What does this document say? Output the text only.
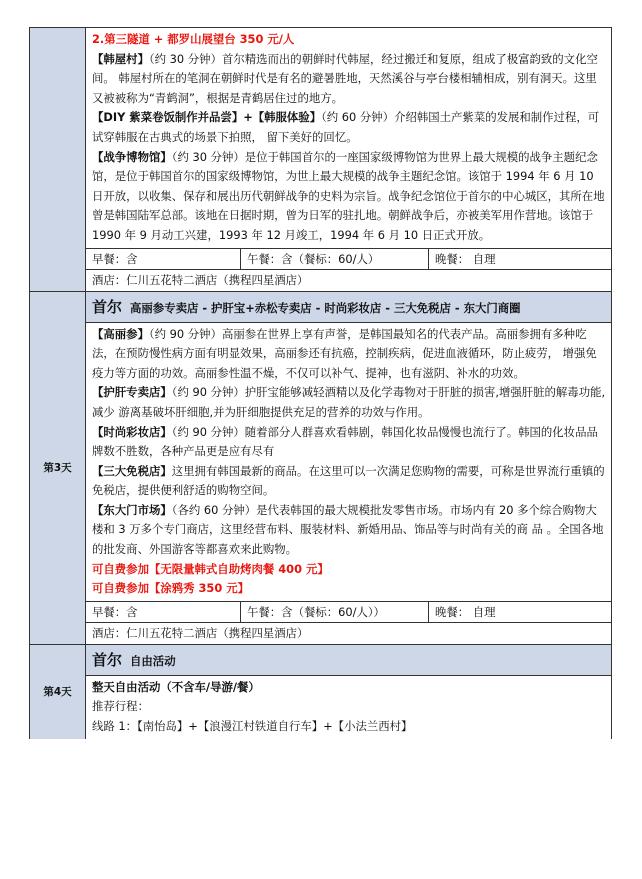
2.第三隧道 + 都罗山展望台 350 元/人

【韩屋村】（约 30 分钟）首尔精选而出的朝鲜时代韩屋，经过搬迁和复原，组成了极富韵致的文化空间。 韩屋村所在的笔洞在朝鲜时代是有名的避暑胜地，天然溪谷与亭台楼相辅相成，别有洞天。这里又被被称为“青鹤洞”，根据是青鹤居住过的地方。

【DIY 紫菜卷饭制作并品尝】+【韩服体验】（约 60 分钟）介绍韩国土产紫菜的发展和制作过程，可试穿韩服在古典式的场景下拍照， 留下美好的回忆。

【战争博物馆】（约 30 分钟）是位于韩国首尔的一座国家级博物馆为世界上最大规模的战争主题纪念馆，是位于韩国首尔的国家级博物馆，为世上最大规模的战争主题纪念馆。该馆于 1994 年 6 月 10 日开放，以收集、保存和展出历代朝鲜战争的史料为宗旨。战争纪念馆位于首尔的中心城区，其所在地曾是韩国陆军总部。该地在日据时期，曾为日军的驻扎地。朝鲜战争后，亦被美军用作营地。该馆于 1990 年 9 月动工兴建，1993 年 12 月竣工，1994 年 6 月 10 日正式开放。

早餐：含	午餐：含（餐标：60/人）	晚餐： 自理
酒店：仁川五花特二酒店（携程四星酒店）
第3天
首尔 高丽参专卖店 - 护肝宝+赤松专卖店 - 时尚彩妆店 - 三大免税店 - 东大门商圈

【高丽参】（约 90 分钟）高丽参在世界上享有声誉，是韩国最知名的代表产品。高丽参拥有多种吃法，在预防慢性病方面有明显效果，高丽参还有抗癌，控制疾病，促进血液循环，防止疲劳， 增强免疫力等方面的功效。高丽参性温不燥，不仅可以补气、提神，也有滋阴、补水的功效。

【护肝专卖店】（约 90 分钟）护肝宝能够减轻酒精以及化学毒物对于肝脏的损害,增强肝脏的解毒功能,减少 游离基破坏肝细胞,并为肝细胞提供充足的营养的功效与作用。

【时尚彩妆店】（约 90 分钟）随着部分人群喜欢看韩剧，韩国化妆品慢慢也流行了。韩国的化妆品品牌数不胜数，各种产品更是应有尽有

【三大免税店】这里拥有韩国最新的商品。在这里可以一次满足您购物的需要，可称是世界流行重镇的免税店，提供便利舒适的购物空间。

【东大门市场】（各约 60 分钟）是代表韩国的最大规模批发零售市场。市场内有 20 多个综合购物大楼和 3 万多个专门商店，这里经营布料、服装材料、新婚用品、饰品等与时尚有关的商 品 。全国各地的批发商、外国游客等都喜欢来此购物。

可自费参加【无限量韩式自助烤肉餐 400 元】

可自费参加【涂鸦秀 350 元】

早餐：含	午餐：含（餐标：60/人））	晚餐： 自理
酒店：仁川五花特二酒店（携程四星酒店）
第4天
首尔 自由活动

整天自由活动（不含车/导游/餐）

推荐行程：

线路 1：【南怡岛】+【浪漫江村铁道自行车】+【小法兰西村】
